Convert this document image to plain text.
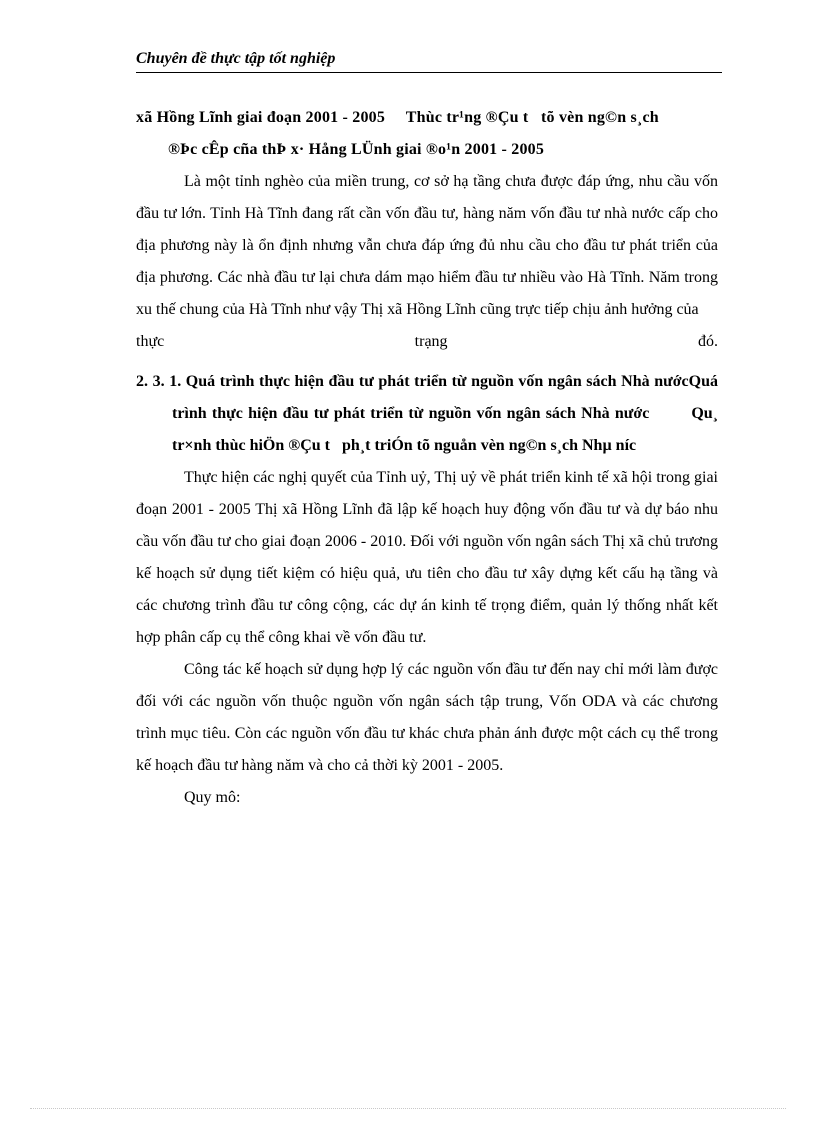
Chuyên đề thực tập tốt nghiệp
xã Hồng Lĩnh giai đoạn 2001 - 2005     Thùc tr¹ng ®Çu t   tõ vèn ng©n s¸ch
®Þc cÊp cña thÞ x· Hång LÜnh giai ®o¹n 2001 - 2005

Là một tỉnh nghèo của miền trung, cơ sở hạ tầng chưa được đáp ứng, nhu cầu vốn đầu tư lớn. Tỉnh Hà Tĩnh đang rất cần vốn đầu tư, hàng năm vốn đầu tư nhà nước cấp cho địa phương này là ổn định nhưng vẫn chưa đáp ứng đủ nhu cầu cho đầu tư phát triển của địa phương. Các nhà đầu tư lại chưa dám mạo hiểm đầu tư nhiều vào Hà Tĩnh. Năm trong xu thế chung của Hà Tĩnh như vậy Thị xã Hồng Lĩnh cũng trực tiếp chịu ảnh hưởng của

thực	trạng	đó.
2. 3. 1. Quá trình thực hiện đầu tư phát triển từ nguồn vốn ngân sách Nhà nướcQuá trình thực hiện đầu tư phát triển từ nguồn vốn ngân sách Nhà nước        Qu¸ tr×nh thùc hiÖn ®Çu t   ph¸t triÓn tõ nguån vèn ng©n s¸ch Nhµ níc

Thực hiện các nghị quyết của Tỉnh uỷ, Thị uỷ về phát triển kinh tế xã hội trong giai đoạn 2001 - 2005 Thị xã Hồng Lĩnh đã lập kế hoạch huy động vốn đầu tư và dự báo nhu cầu vốn đầu tư cho giai đoạn 2006 - 2010. Đối với nguồn vốn ngân sách Thị xã chủ trương kế hoạch sử dụng tiết kiệm có hiệu quả, ưu tiên cho đầu tư xây dựng kết cấu hạ tầng và các chương trình đầu tư công cộng, các dự án kinh tế trọng điểm, quản lý thống nhất kết hợp phân cấp cụ thể công khai về vốn đầu tư.

Công tác kế hoạch sử dụng hợp lý các nguồn vốn đầu tư đến nay chỉ mới làm được đối với các nguồn vốn thuộc nguồn vốn ngân sách tập trung, Vốn ODA và các chương trình mục tiêu. Còn các nguồn vốn đầu tư khác chưa phản ánh được một cách cụ thể trong kế hoạch đầu tư hàng năm và cho cả thời kỳ 2001 - 2005.

Quy mô:
